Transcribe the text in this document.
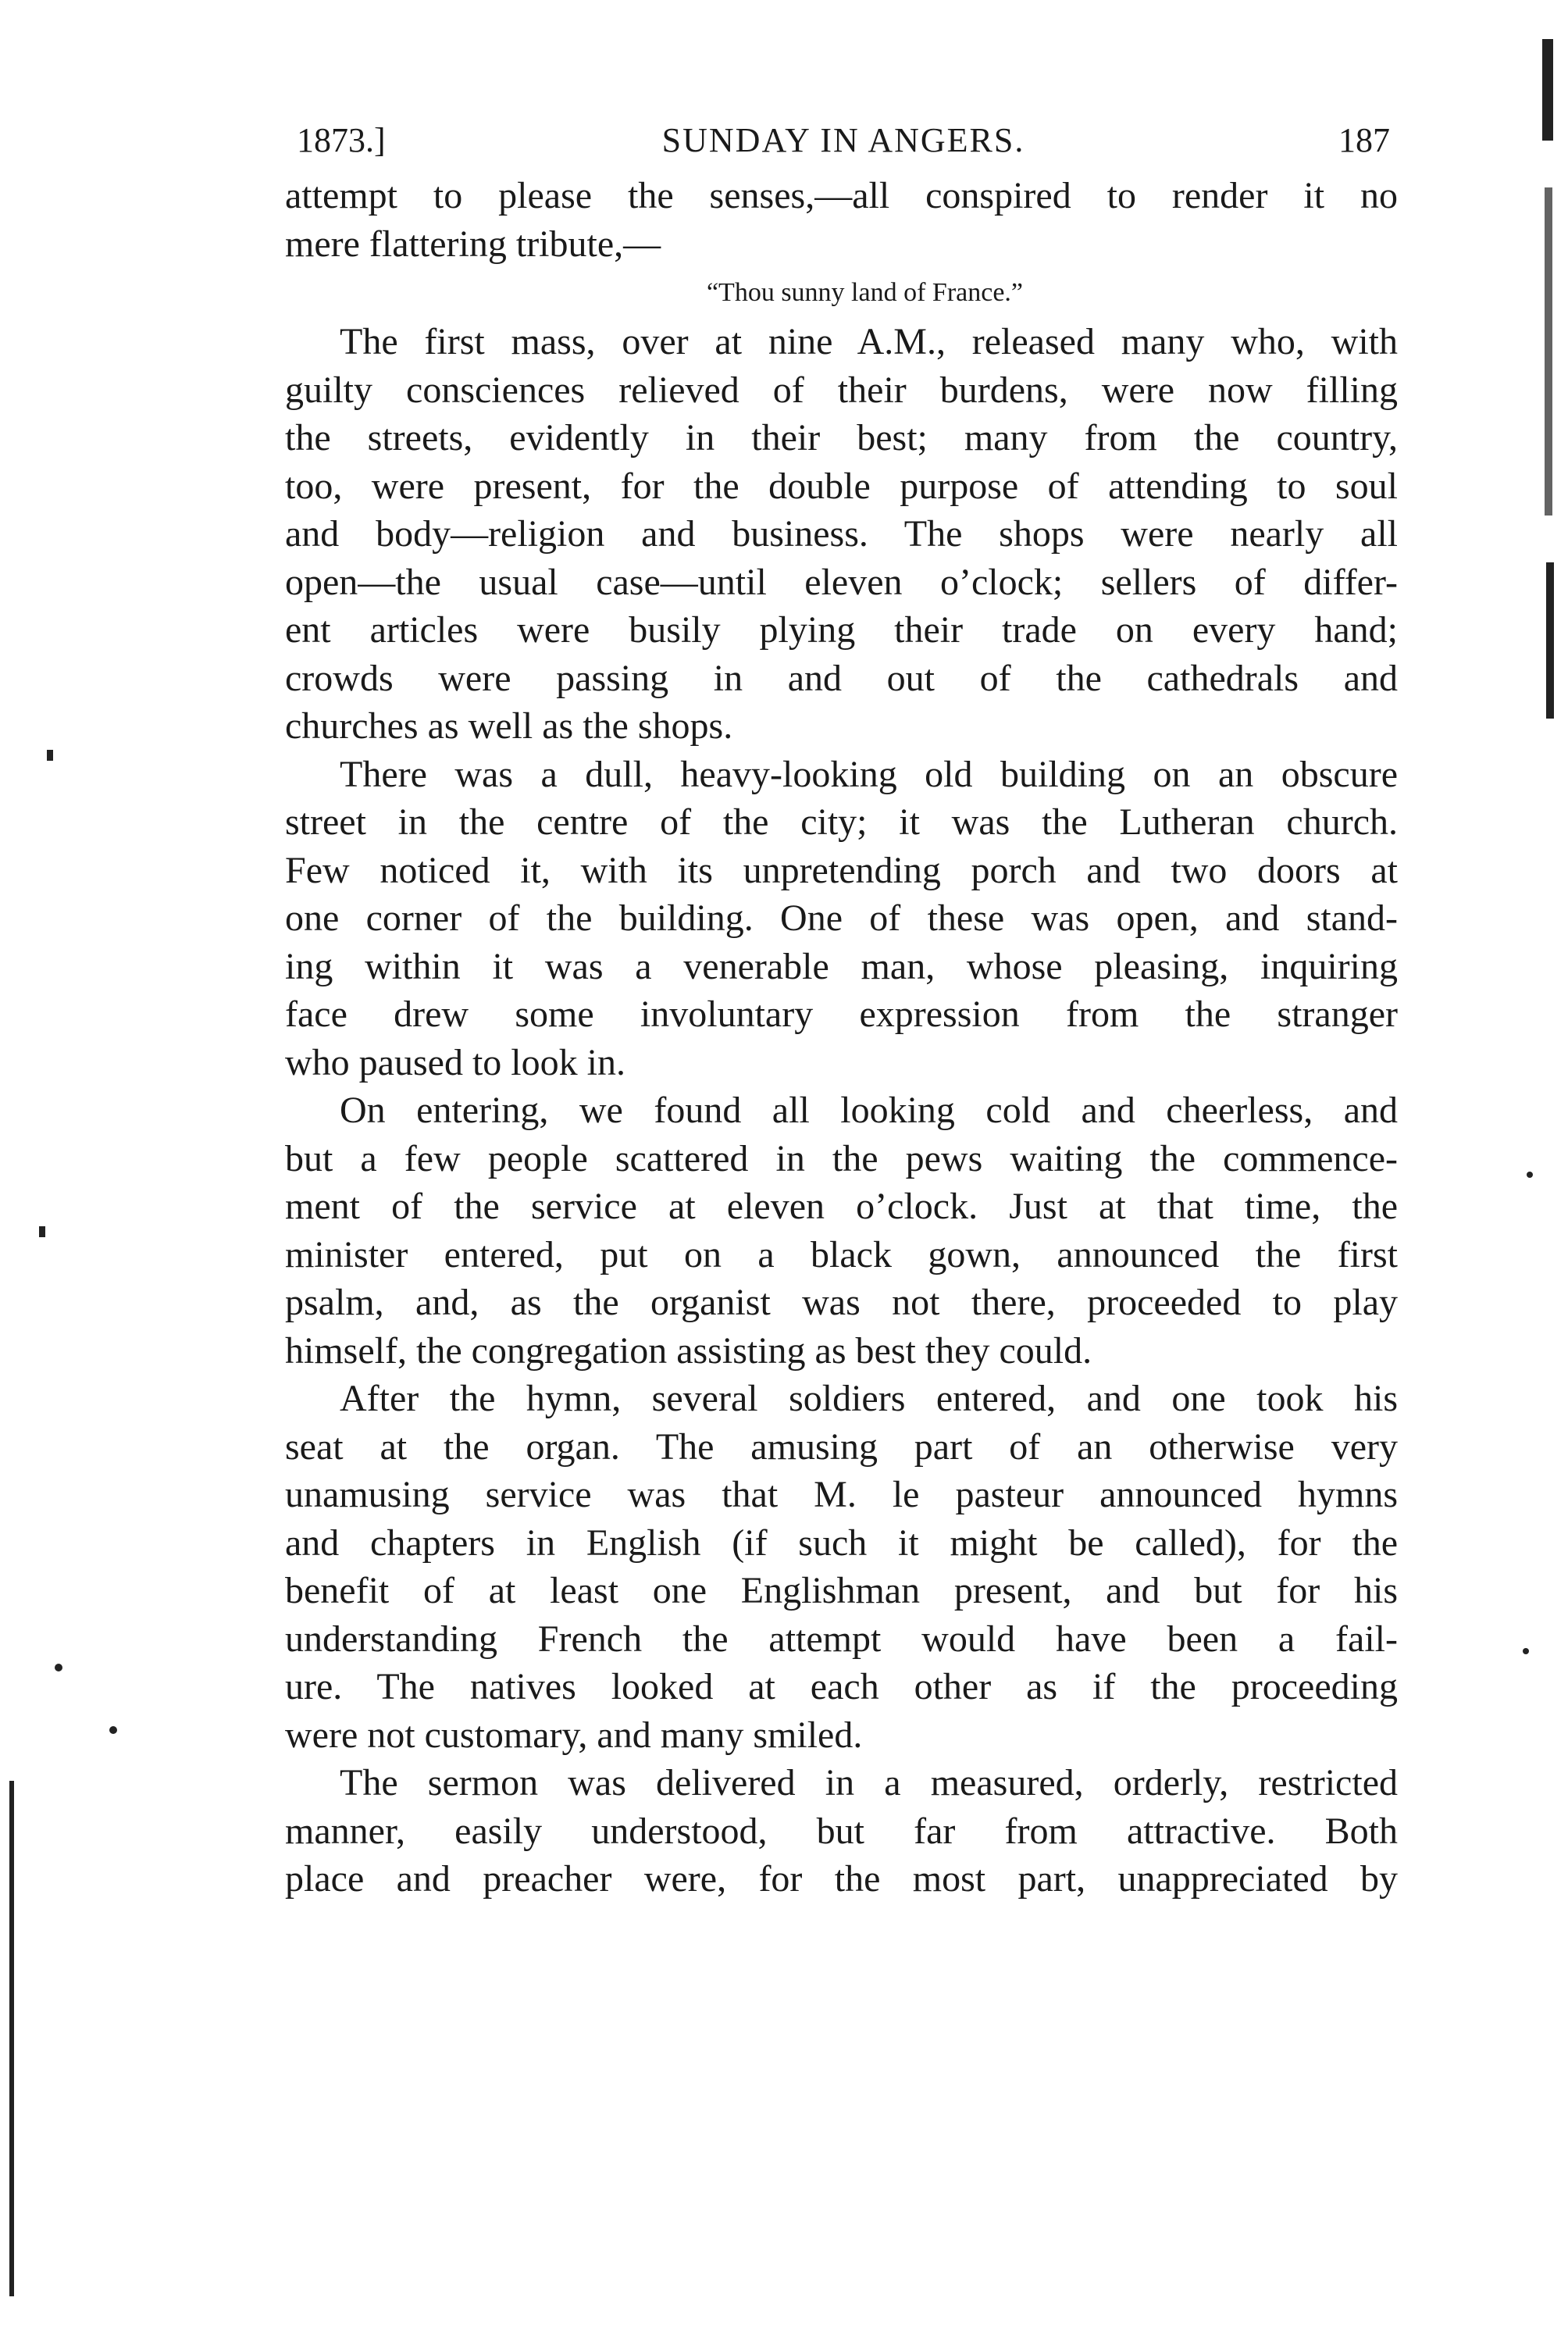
1873.]	SUNDAY IN ANGERS.	187
attempt to please the senses,—all conspired to render it no
mere flattering tribute,—
“Thou sunny land of France.”
The first mass, over at nine A.M., released many who, with
guilty consciences relieved of their burdens, were now filling
the streets, evidently in their best; many from the country,
too, were present, for the double purpose of attending to soul
and body—religion and business. The shops were nearly all
open—the usual case—until eleven o’clock; sellers of differ-
ent articles were busily plying their trade on every hand;
crowds were passing in and out of the cathedrals and
churches as well as the shops.
There was a dull, heavy-looking old building on an obscure
street in the centre of the city; it was the Lutheran church.
Few noticed it, with its unpretending porch and two doors at
one corner of the building. One of these was open, and stand-
ing within it was a venerable man, whose pleasing, inquiring
face drew some involuntary expression from the stranger
who paused to look in.
On entering, we found all looking cold and cheerless, and
but a few people scattered in the pews waiting the commence-
ment of the service at eleven o’clock. Just at that time, the
minister entered, put on a black gown, announced the first
psalm, and, as the organist was not there, proceeded to play
himself, the congregation assisting as best they could.
After the hymn, several soldiers entered, and one took his
seat at the organ. The amusing part of an otherwise very
unamusing service was that M. le pasteur announced hymns
and chapters in English (if such it might be called), for the
benefit of at least one Englishman present, and but for his
understanding French the attempt would have been a fail-
ure. The natives looked at each other as if the proceeding
were not customary, and many smiled.
The sermon was delivered in a measured, orderly, restricted
manner, easily understood, but far from attractive. Both
place and preacher were, for the most part, unappreciated by
